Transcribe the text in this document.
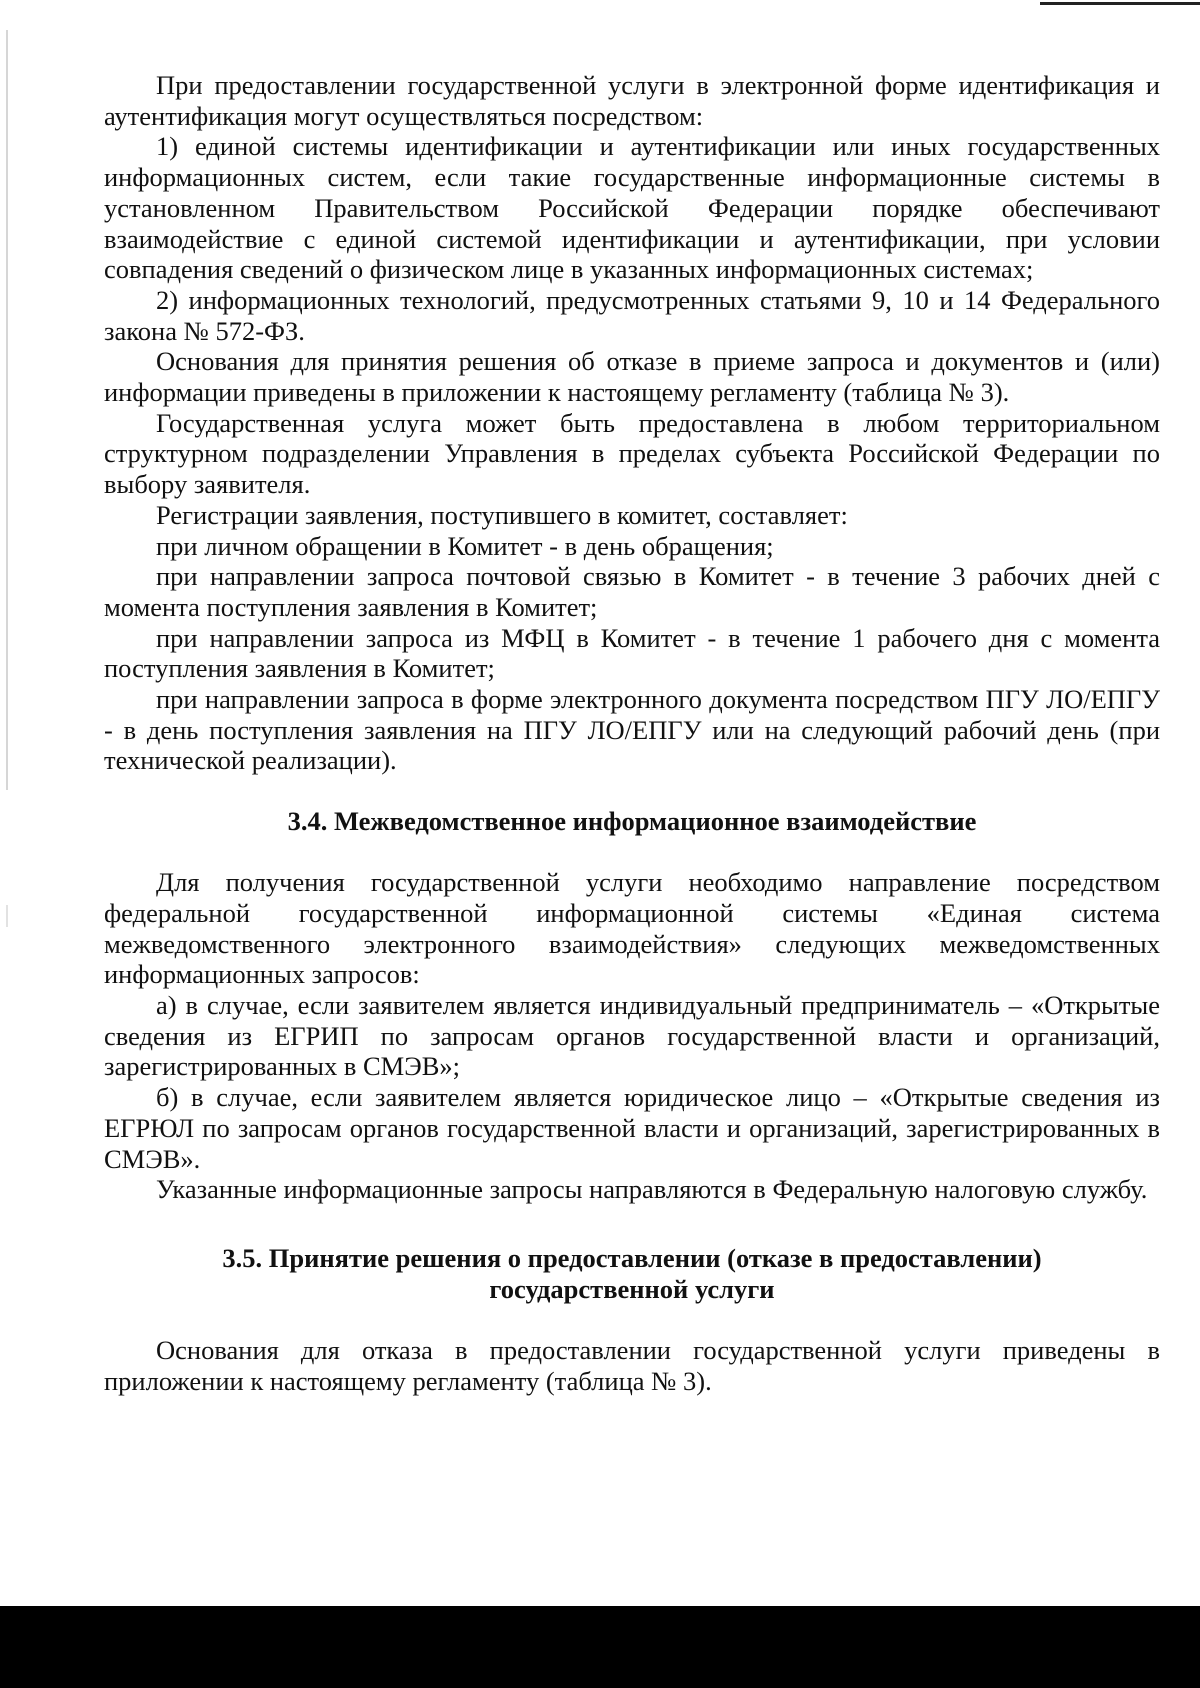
При предоставлении государственной услуги в электронной форме идентификация и аутентификация могут осуществляться посредством:

1) единой системы идентификации и аутентификации или иных государственных информационных систем, если такие государственные информационные системы в установленном Правительством Российской Федерации порядке обеспечивают взаимодействие с единой системой идентификации и аутентификации, при условии совпадения сведений о физическом лице в указанных информационных системах;

2) информационных технологий, предусмотренных статьями 9, 10 и 14 Федерального закона № 572-ФЗ.

Основания для принятия решения об отказе в приеме запроса и документов и (или) информации приведены в приложении к настоящему регламенту (таблица № 3).

Государственная услуга может быть предоставлена в любом территориальном структурном подразделении Управления в пределах субъекта Российской Федерации по выбору заявителя.

Регистрации заявления, поступившего в комитет, составляет:

при личном обращении в Комитет - в день обращения;

при направлении запроса почтовой связью в Комитет - в течение 3 рабочих дней с момента поступления заявления в Комитет;

при направлении запроса из МФЦ в Комитет - в течение 1 рабочего дня с момента поступления заявления в Комитет;

при направлении запроса в форме электронного документа посредством ПГУ ЛО/ЕПГУ - в день поступления заявления на ПГУ ЛО/ЕПГУ или на следующий рабочий день (при технической реализации).

3.4. Межведомственное информационное взаимодействие

Для получения государственной услуги необходимо направление посредством федеральной государственной информационной системы «Единая система межведомственного электронного взаимодействия» следующих межведомственных информационных запросов:

а) в случае, если заявителем является индивидуальный предприниматель – «Открытые сведения из ЕГРИП по запросам органов государственной власти и организаций, зарегистрированных в СМЭВ»;

б) в случае, если заявителем является юридическое лицо – «Открытые сведения из ЕГРЮЛ по запросам органов государственной власти и организаций, зарегистрированных в СМЭВ».

Указанные информационные запросы направляются в Федеральную налоговую службу.

3.5. Принятие решения о предоставлении (отказе в предоставлении)
государственной услуги

Основания для отказа в предоставлении государственной услуги приведены в приложении к настоящему регламенту (таблица № 3).
